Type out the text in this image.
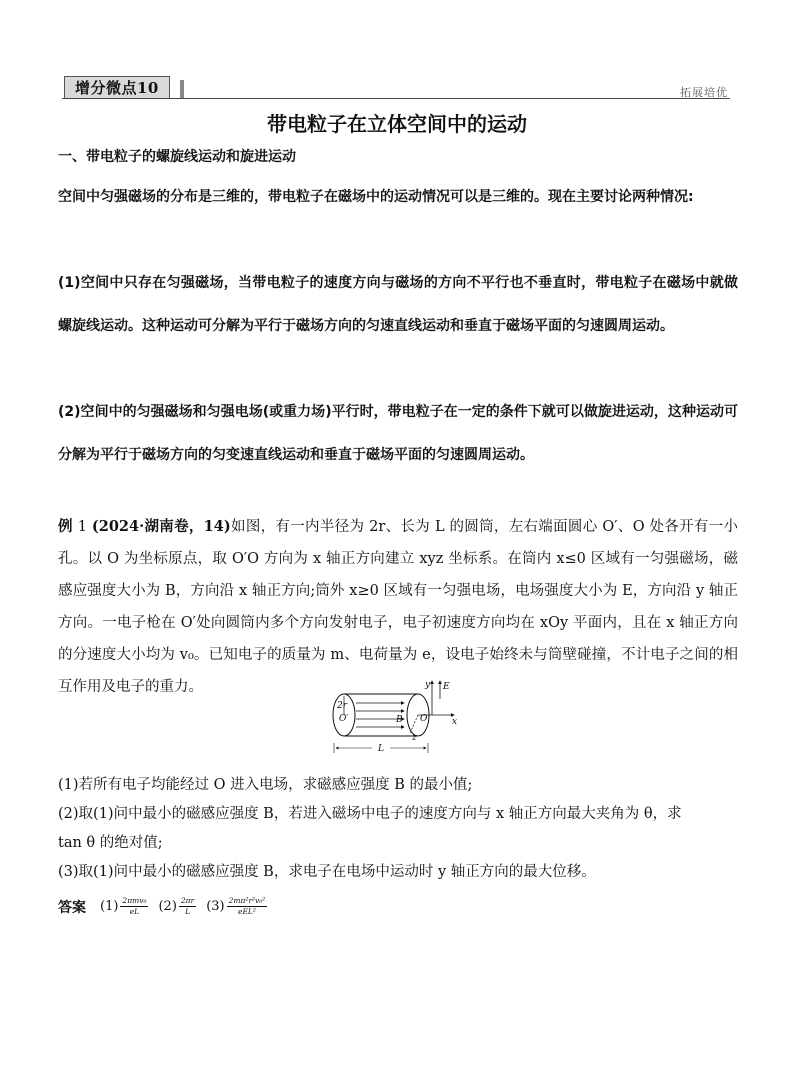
增分微点10	拓展培优
带电粒子在立体空间中的运动
一、带电粒子的螺旋线运动和旋进运动
空间中匀强磁场的分布是三维的，带电粒子在磁场中的运动情况可以是三维的。现在主要讨论两种情况:
(1)空间中只存在匀强磁场，当带电粒子的速度方向与磁场的方向不平行也不垂直时，带电粒子在磁场中就做螺旋线运动。这种运动可分解为平行于磁场方向的匀速直线运动和垂直于磁场平面的匀速圆周运动。
(2)空间中的匀强磁场和匀强电场(或重力场)平行时，带电粒子在一定的条件下就可以做旋进运动，这种运动可分解为平行于磁场方向的匀变速直线运动和垂直于磁场平面的匀速圆周运动。
例 1 (2024·湖南卷，14)如图，有一内半径为 2r、长为 L 的圆筒，左右端面圆心 O′、O 处各开有一小孔。以 O 为坐标原点，取 O′O 方向为 x 轴正方向建立 xyz 坐标系。在筒内 x≤0 区域有一匀强磁场，磁感应强度大小为 B，方向沿 x 轴正方向;筒外 x≥0 区域有一匀强电场，电场强度大小为 E，方向沿 y 轴正方向。一电子枪在 O′处向圆筒内多个方向发射电子，电子初速度方向均在 xOy 平面内，且在 x 轴正方向的分速度大小均为 v₀。已知电子的质量为 m、电荷量为 e，设电子始终未与筒壁碰撞，不计电子之间的相互作用及电子的重力。
2r
O′	O
B	x
y
z
E
L
(1)若所有电子均能经过 O 进入电场，求磁感应强度 B 的最小值;
(2)取(1)问中最小的磁感应强度 B，若进入磁场中电子的速度方向与 x 轴正方向最大夹角为 θ，求
tan θ 的绝对值;
(3)取(1)问中最小的磁感应强度 B，求电子在电场中运动时 y 轴正方向的最大位移。
答案 $(1) \frac{\text{2πmv₀}}{eL} (2) \frac{2\pi r}{L} (3) \frac{\text{2mπ²r²v₀²}}{\text{eEL²}}$
